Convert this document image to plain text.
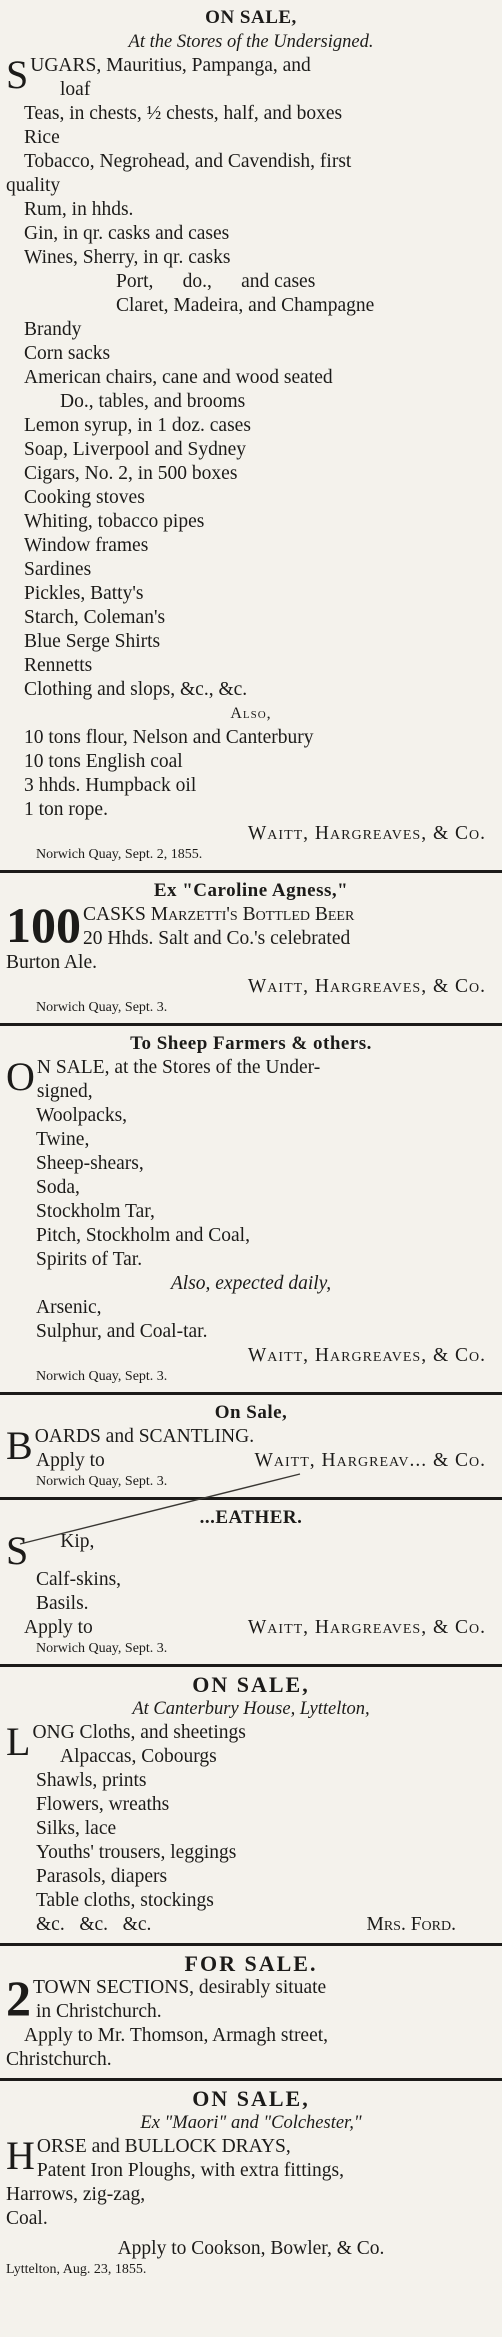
ON SALE,
At the Stores of the Undersigned.
SUGARS, Mauritius, Pampanga, and
loaf
Teas, in chests, ½ chests, half, and boxes
Rice
Tobacco, Negrohead, and Cavendish, first
quality
Rum, in hhds.
Gin, in qr. casks and cases
Wines, Sherry, in qr. casks
Port,      do.,      and cases
Claret, Madeira, and Champagne
Brandy
Corn sacks
American chairs, cane and wood seated
Do., tables, and brooms
Lemon syrup, in 1 doz. cases
Soap, Liverpool and Sydney
Cigars, No. 2, in 500 boxes
Cooking stoves
Whiting, tobacco pipes
Window frames
Sardines
Pickles, Batty's
Starch, Coleman's
Blue Serge Shirts
Rennetts
Clothing and slops, &c., &c.
Also,
10 tons flour, Nelson and Canterbury
10 tons English coal
3 hhds. Humpback oil
1 ton rope.
Waitt, Hargreaves, & Co.
Norwich Quay, Sept. 2, 1855.
Ex "Caroline Agness,"
100 CASKS Marzetti's Bottled Beer
20 Hhds. Salt and Co.'s celebrated
Burton Ale.
Waitt, Hargreaves, & Co.
Norwich Quay, Sept. 3.
To Sheep Farmers & others.
O N SALE, at the Stores of the Under-
signed,
Woolpacks,
Twine,
Sheep-shears,
Soda,
Stockholm Tar,
Pitch, Stockholm and Coal,
Spirits of Tar.
Also, expected daily,
Arsenic,
Sulphur, and Coal-tar.
Waitt, Hargreaves, & Co.
Norwich Quay, Sept. 3.
On Sale,
BOARDS and SCANTLING.
Apply to	Waitt, Hargreav... & Co.
Norwich Quay, Sept. 3.
...EATHER.
S Kip,
Calf-skins,
Basils.
Apply to	Waitt, Hargreaves, & Co.
Norwich Quay, Sept. 3.
ON SALE,
At Canterbury House, Lyttelton,
LONG Cloths, and sheetings
Alpaccas, Cobourgs
Shawls, prints
Flowers, wreaths
Silks, lace
Youths' trousers, leggings
Parasols, diapers
Table cloths, stockings
&c.   &c.   &c.	Mrs. Ford.
FOR SALE.
2 TOWN SECTIONS, desirably situate
in Christchurch.
Apply to Mr. Thomson, Armagh street,
Christchurch.
ON SALE,
Ex "Maori" and "Colchester,"
HORSE and BULLOCK DRAYS,
Patent Iron Ploughs, with extra fittings,
Harrows, zig-zag,
Coal.
Apply to Cookson, Bowler, & Co.
Lyttelton, Aug. 23, 1855.
